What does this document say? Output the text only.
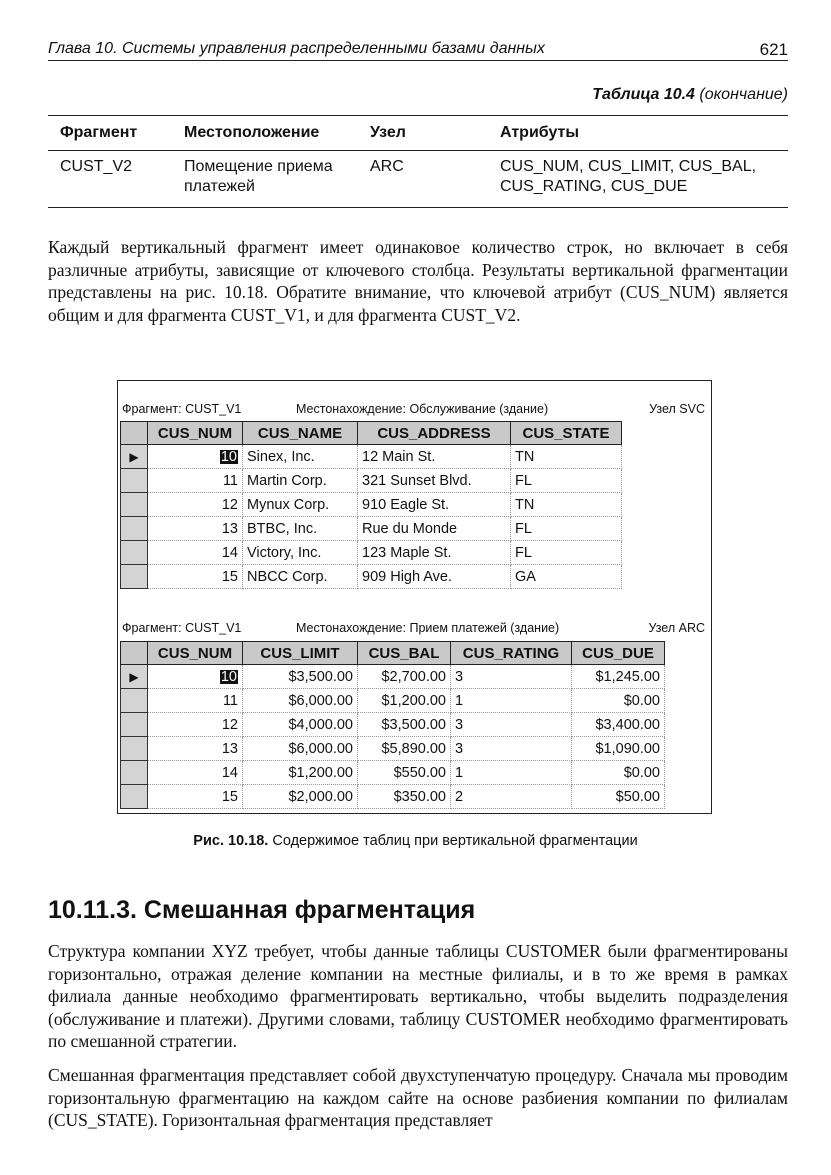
Глава 10. Системы управления распределенными базами данных	621
Таблица 10.4 (окончание)
Фрагмент	Местоположение	Узел	Атрибуты
CUST_V2	Помещение приема платежей	ARC	CUS_NUM, CUS_LIMIT, CUS_BAL, CUS_RATING, CUS_DUE

Каждый вертикальный фрагмент имеет одинаковое количество строк, но включает в себя различные атрибуты, зависящие от ключевого столбца. Результаты вертикальной фрагментации представлены на рис. 10.18. Обратите внимание, что ключевой атрибут (CUS_NUM) является общим и для фрагмента CUST_V1, и для фрагмента CUST_V2.

Фрагмент: CUST_V1	Местонахождение: Обслуживание (здание)	Узел SVC
	CUS_NUM	CUS_NAME	CUS_ADDRESS	CUS_STATE
▶	10	Sinex, Inc.	12 Main St.	TN
	11	Martin Corp.	321 Sunset Blvd.	FL
	12	Mynux Corp.	910 Eagle St.	TN
	13	BTBC, Inc.	Rue du Monde	FL
	14	Victory, Inc.	123 Maple St.	FL
	15	NBCC Corp.	909 High Ave.	GA
Фрагмент: CUST_V1	Местонахождение: Прием платежей (здание)	Узел ARC
	CUS_NUM	CUS_LIMIT	CUS_BAL	CUS_RATING	CUS_DUE
▶	10	$3,500.00	$2,700.00	3	$1,245.00
	11	$6,000.00	$1,200.00	1	$0.00
	12	$4,000.00	$3,500.00	3	$3,400.00
	13	$6,000.00	$5,890.00	3	$1,090.00
	14	$1,200.00	$550.00	1	$0.00
	15	$2,000.00	$350.00	2	$50.00
Рис. 10.18. Содержимое таблиц при вертикальной фрагментации
10.11.3. Смешанная фрагментация

Структура компании XYZ требует, чтобы данные таблицы CUSTOMER были фрагментированы горизонтально, отражая деление компании на местные филиалы, и в то же время в рамках филиала данные необходимо фрагментировать вертикально, чтобы выделить подразделения (обслуживание и платежи). Другими словами, таблицу CUSTOMER необходимо фрагментировать по смешанной стратегии.

Смешанная фрагментация представляет собой двухступенчатую процедуру. Сначала мы проводим горизонтальную фрагментацию на каждом сайте на основе разбиения компании по филиалам (CUS_STATE). Горизонтальная фрагментация представляет
